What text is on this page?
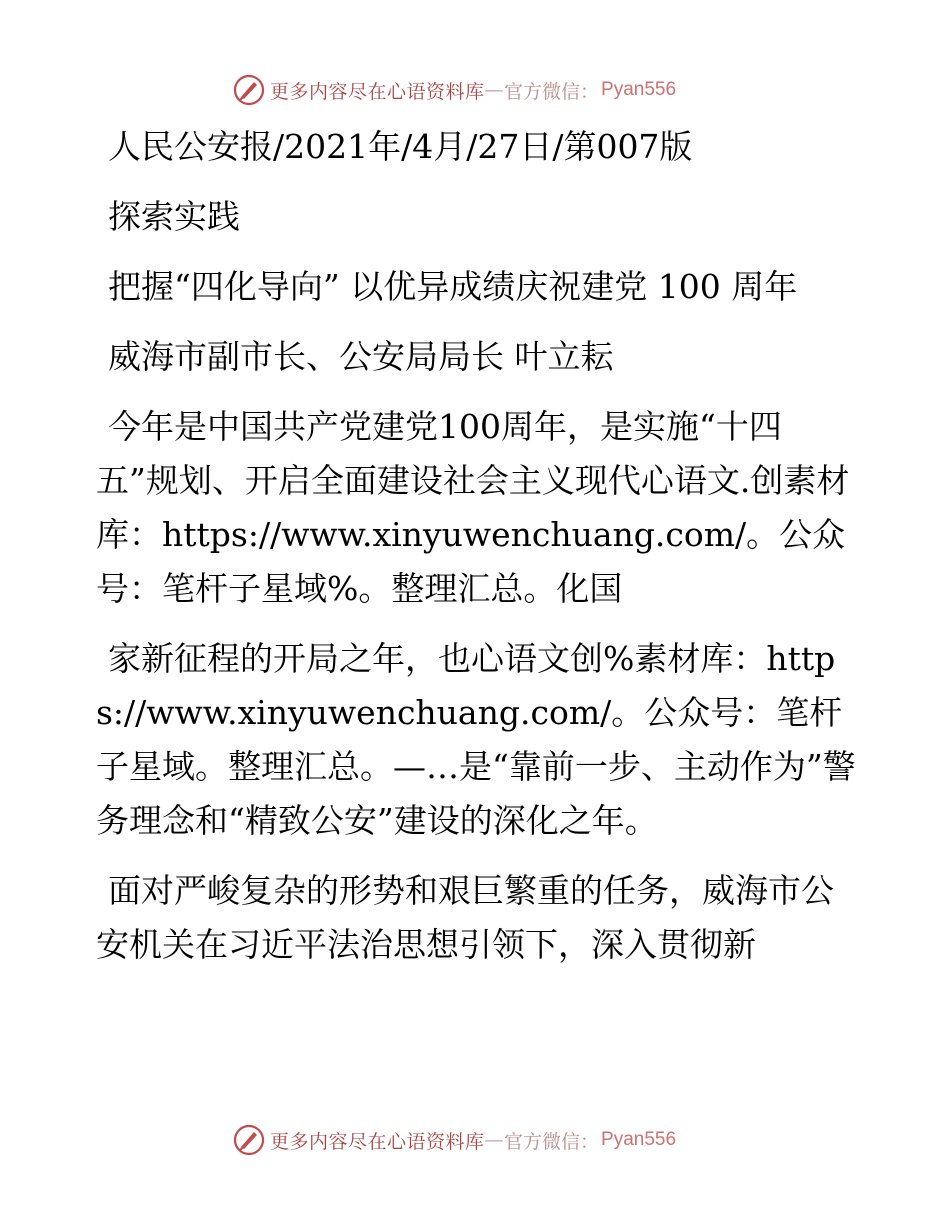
更多内容尽在心语资料库 — 官方微信： Pyan556

人民公安报/2021年/4月/27日/第007版

探索实践

把握“四化导向” 以优异成绩庆祝建党 100 周年

威海市副市长、公安局局长 叶立耘

今年是中国共产党建党100周年，是实施“十四五”规划、开启全面建设社会主义现代心语文.创素材库：https://www.xinyuwenchuang.com/。公众号：笔杆子星域%。整理汇总。化国

家新征程的开局之年，也心语文创%素材库：https://www.xinyuwenchuang.com/。公众号：笔杆子星域。整理汇总。—…是“靠前一步、主动作为”警务理念和“精致公安”建设的深化之年。

面对严峻复杂的形势和艰巨繁重的任务，威海市公安机关在习近平法治思想引领下，深入贯彻新

更多内容尽在心语资料库 — 官方微信： Pyan556
